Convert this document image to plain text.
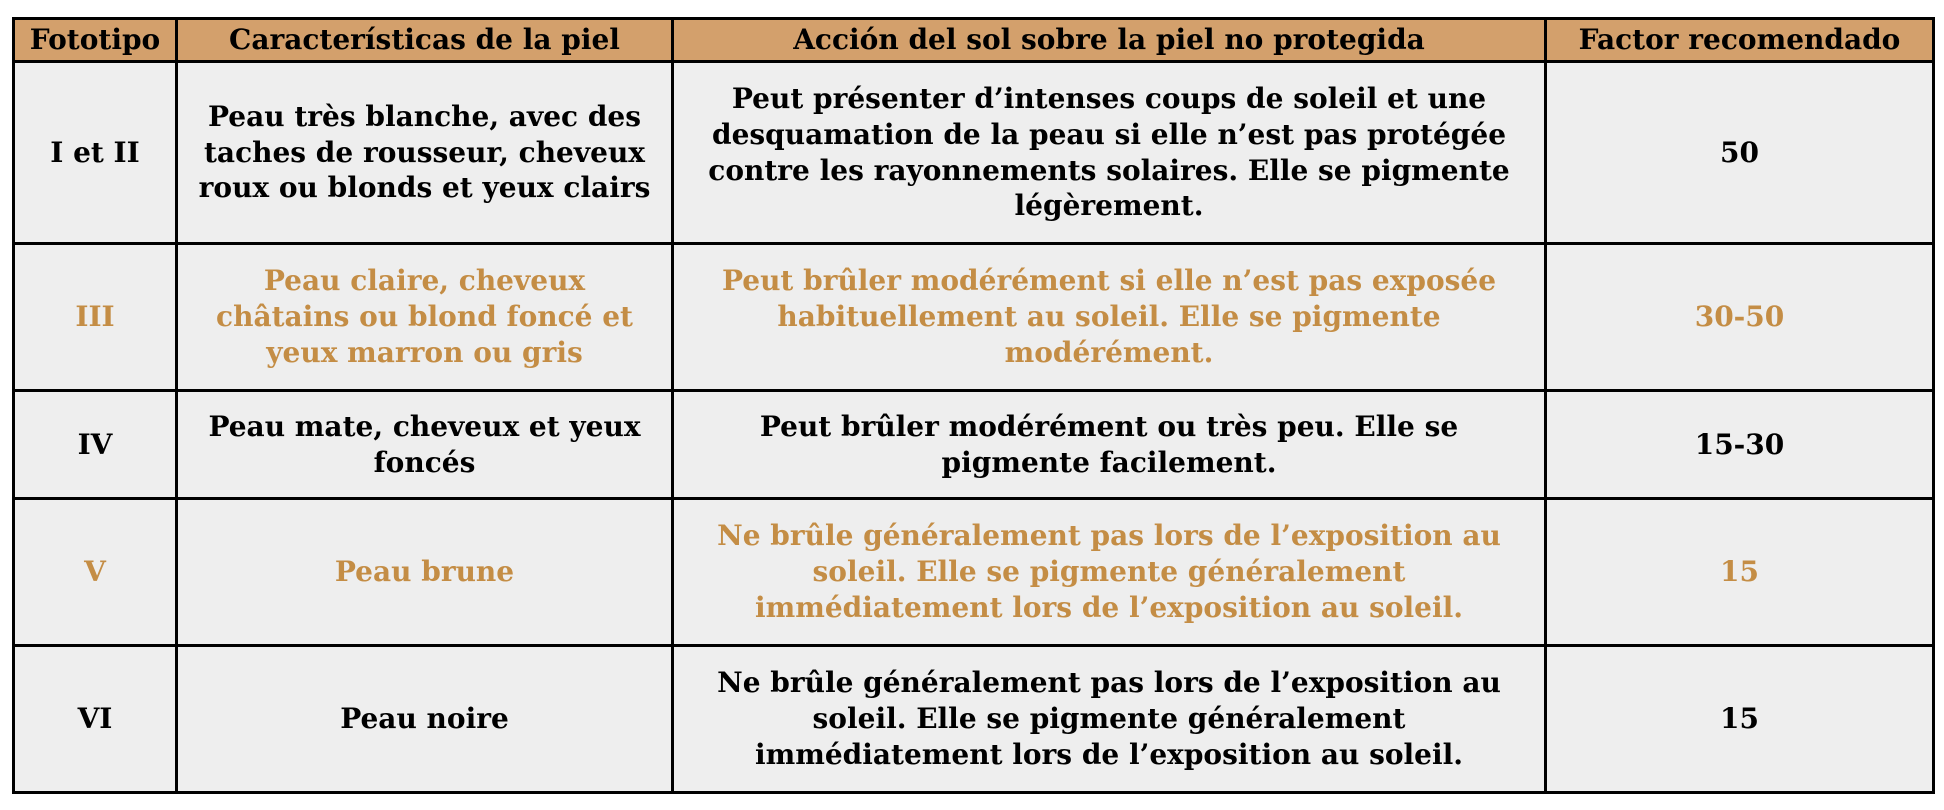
Fototipo	Características de la piel	Acción del sol sobre la piel no protegida	Factor recomendado
I et II	Peau très blanche, avec des taches de rousseur, cheveux roux ou blonds et yeux clairs	Peut présenter d’intenses coups de soleil et une desquamation de la peau si elle n’est pas protégée contre les rayonnements solaires. Elle se pigmente légèrement.	50
III	Peau claire, cheveux châtains ou blond foncé et yeux marron ou gris	Peut brûler modérément si elle n’est pas exposée habituellement au soleil. Elle se pigmente modérément.	30-50
IV	Peau mate, cheveux et yeux foncés	Peut brûler modérément ou très peu. Elle se pigmente facilement.	15-30
V	Peau brune	Ne brûle généralement pas lors de l’exposition au soleil. Elle se pigmente généralement immédiatement lors de l’exposition au soleil.	15
VI	Peau noire	Ne brûle généralement pas lors de l’exposition au soleil. Elle se pigmente généralement immédiatement lors de l’exposition au soleil.	15
